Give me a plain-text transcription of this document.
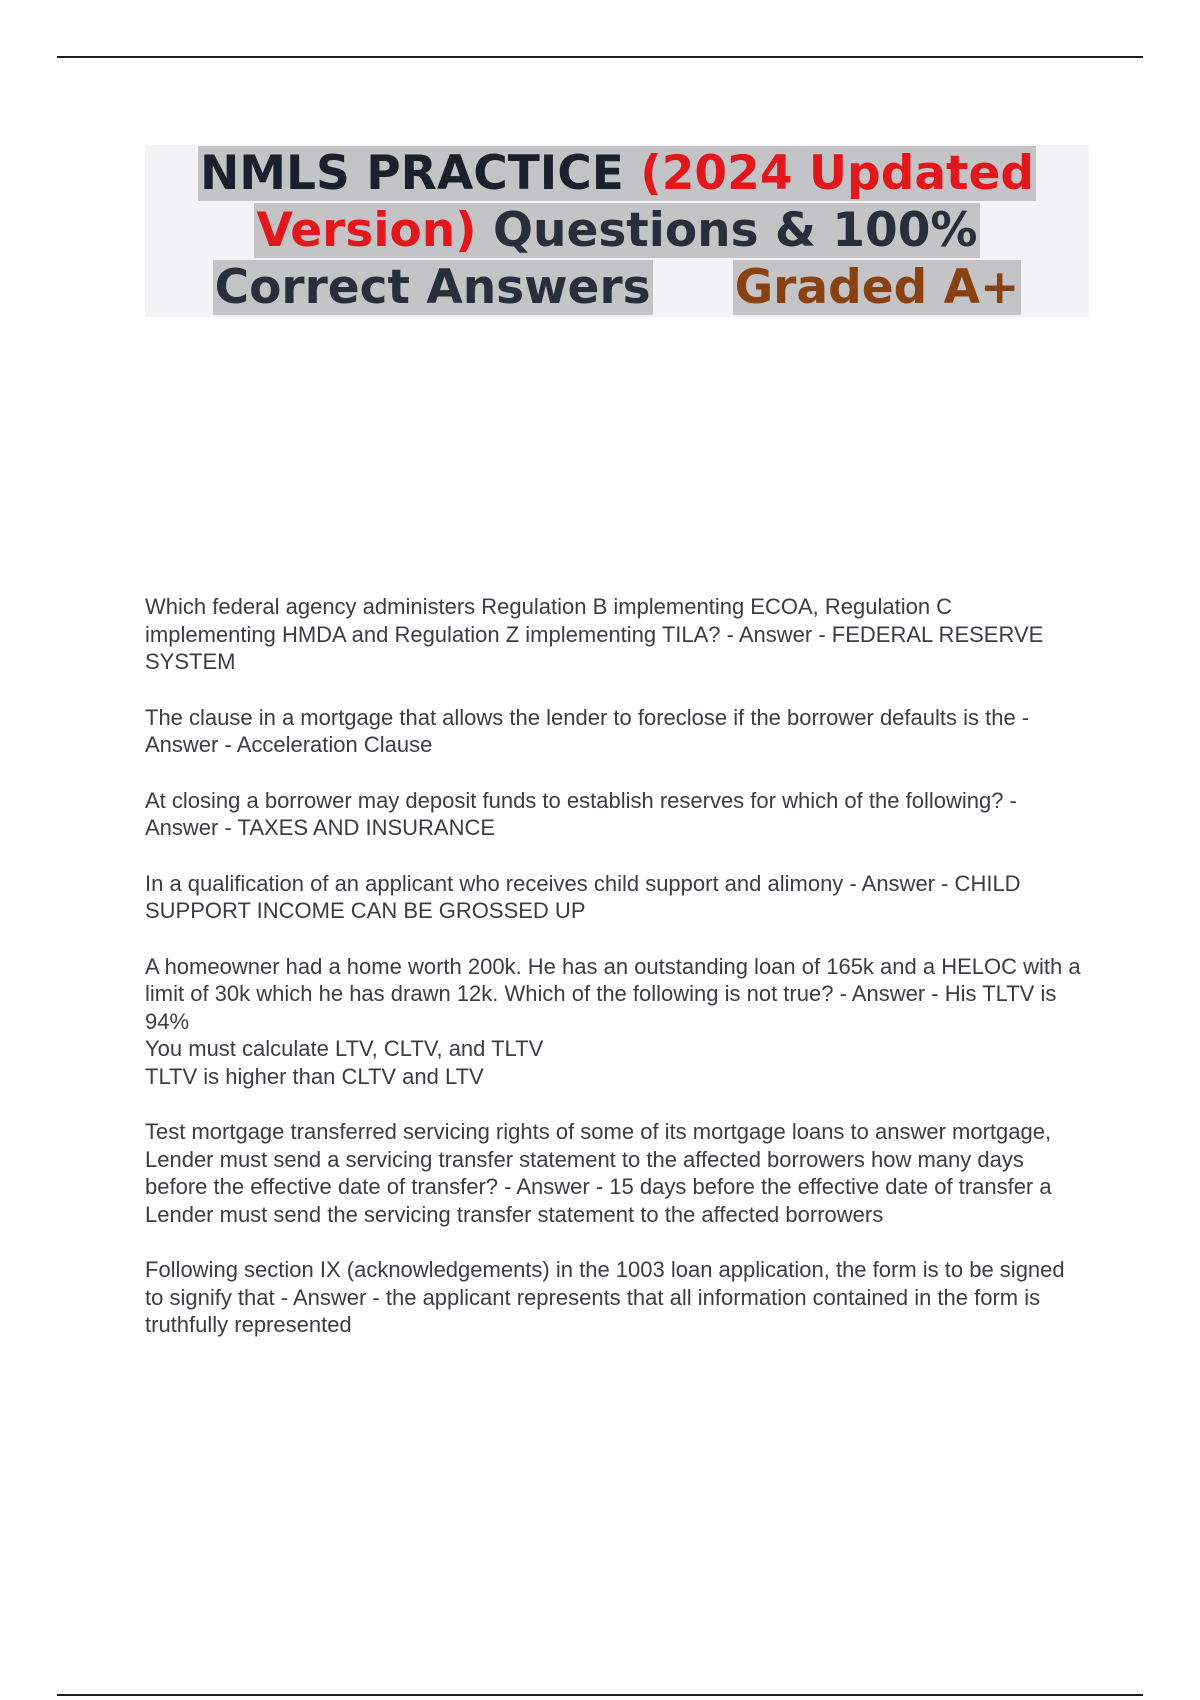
NMLS PRACTICE (2024 Updated
Version) Questions & 100%
Correct Answers Graded A+

Which federal agency administers Regulation B implementing ECOA, Regulation C implementing HMDA and Regulation Z implementing TILA? - Answer - FEDERAL RESERVE SYSTEM

The clause in a mortgage that allows the lender to foreclose if the borrower defaults is the - Answer - Acceleration Clause

At closing a borrower may deposit funds to establish reserves for which of the following? - Answer - TAXES AND INSURANCE

In a qualification of an applicant who receives child support and alimony - Answer - CHILD SUPPORT INCOME CAN BE GROSSED UP

A homeowner had a home worth 200k. He has an outstanding loan of 165k and a HELOC with a limit of 30k which he has drawn 12k. Which of the following is not true? - Answer - His TLTV is 94%
You must calculate LTV, CLTV, and TLTV
TLTV is higher than CLTV and LTV

Test mortgage transferred servicing rights of some of its mortgage loans to answer mortgage, Lender must send a servicing transfer statement to the affected borrowers how many days before the effective date of transfer? - Answer - 15 days before the effective date of transfer a Lender must send the servicing transfer statement to the affected borrowers

Following section IX (acknowledgements) in the 1003 loan application, the form is to be signed to signify that - Answer - the applicant represents that all information contained in the form is truthfully represented
